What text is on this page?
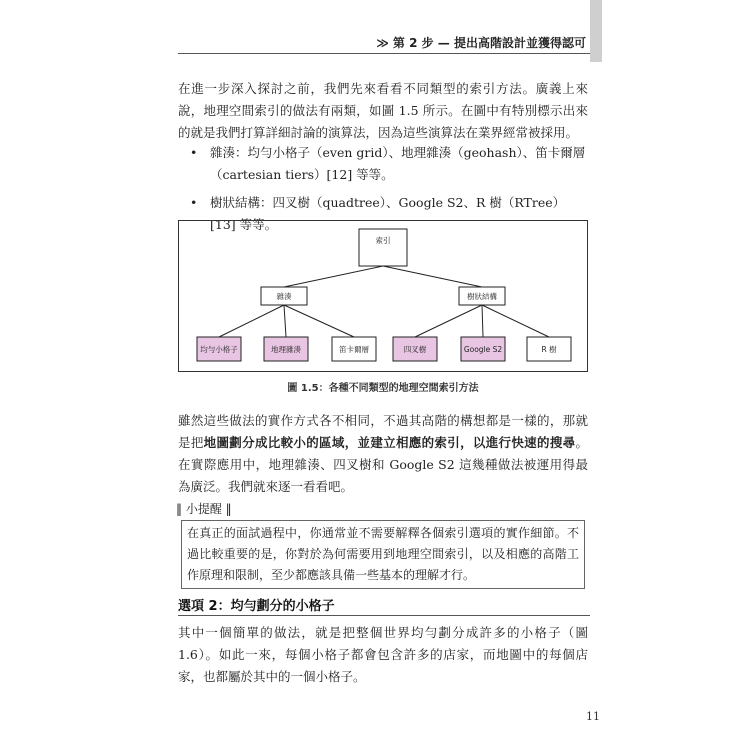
≫ 第 2 步 — 提出高階設計並獲得認可

在進一步深入探討之前，我們先來看看不同類型的索引方法。廣義上來說，地理空間索引的做法有兩類，如圖 1.5 所示。在圖中有特別標示出來的就是我們打算詳細討論的演算法，因為這些演算法在業界經常被採用。

• 雜湊：均勻小格子（even grid）、地理雜湊（geohash）、笛卡爾層（cartesian tiers）[12] 等等。
• 樹狀結構：四叉樹（quadtree）、Google S2、R 樹（RTree）[13] 等等。
索引
雜湊	樹狀結構
均勻小格子	地理雜湊	笛卡爾層	四叉樹	Google S2	R 樹
圖 1.5：各種不同類型的地理空間索引方法

雖然這些做法的實作方式各不相同，不過其高階的構想都是一樣的，那就是把地圖劃分成比較小的區域，並建立相應的索引，以進行快速的搜尋。在實際應用中，地理雜湊、四叉樹和 Google S2 這幾種做法被運用得最為廣泛。我們就來逐一看看吧。

‖ 小提醒 ‖
在真正的面試過程中，你通常並不需要解釋各個索引選項的實作細節。不過比較重要的是，你對於為何需要用到地理空間索引，以及相應的高階工作原理和限制，至少都應該具備一些基本的理解才行。
選項 2：均勻劃分的小格子

其中一個簡單的做法，就是把整個世界均勻劃分成許多的小格子（圖 1.6）。如此一來，每個小格子都會包含許多的店家，而地圖中的每個店家，也都屬於其中的一個小格子。

11
